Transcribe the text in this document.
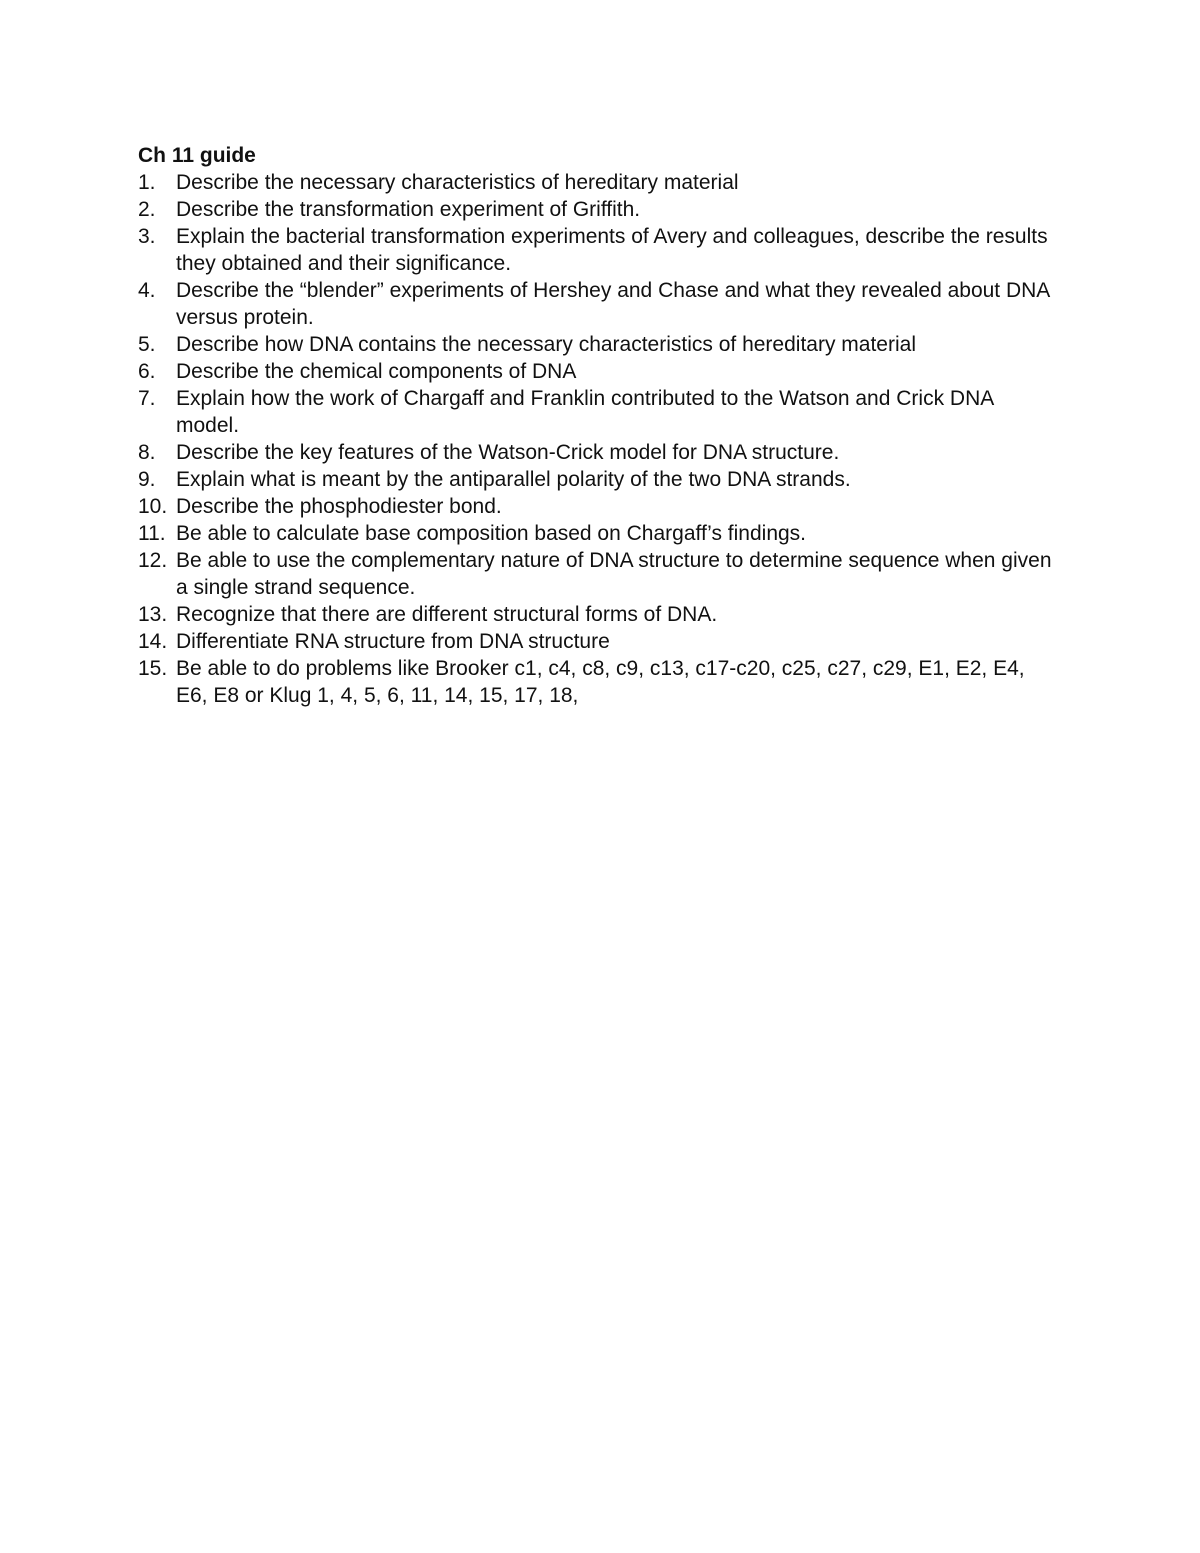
Ch 11 guide
1. Describe the necessary characteristics of hereditary material
2. Describe the transformation experiment of Griffith.
3. Explain the bacterial transformation experiments of Avery and colleagues, describe the results they obtained and their significance.
4. Describe the “blender” experiments of Hershey and Chase and what they revealed about DNA versus protein.
5. Describe how DNA contains the necessary characteristics of hereditary material
6. Describe the chemical components of DNA
7. Explain how the work of Chargaff and Franklin contributed to the Watson and Crick DNA model.
8. Describe the key features of the Watson-Crick model for DNA structure.
9. Explain what is meant by the antiparallel polarity of the two DNA strands.
10. Describe the phosphodiester bond.
11. Be able to calculate base composition based on Chargaff’s findings.
12. Be able to use the complementary nature of DNA structure to determine sequence when given a single strand sequence.
13. Recognize that there are different structural forms of DNA.
14. Differentiate RNA structure from DNA structure
15. Be able to do problems like Brooker c1, c4, c8, c9, c13, c17-c20, c25, c27, c29, E1, E2, E4, E6, E8 or Klug 1, 4, 5, 6, 11, 14, 15, 17, 18,
